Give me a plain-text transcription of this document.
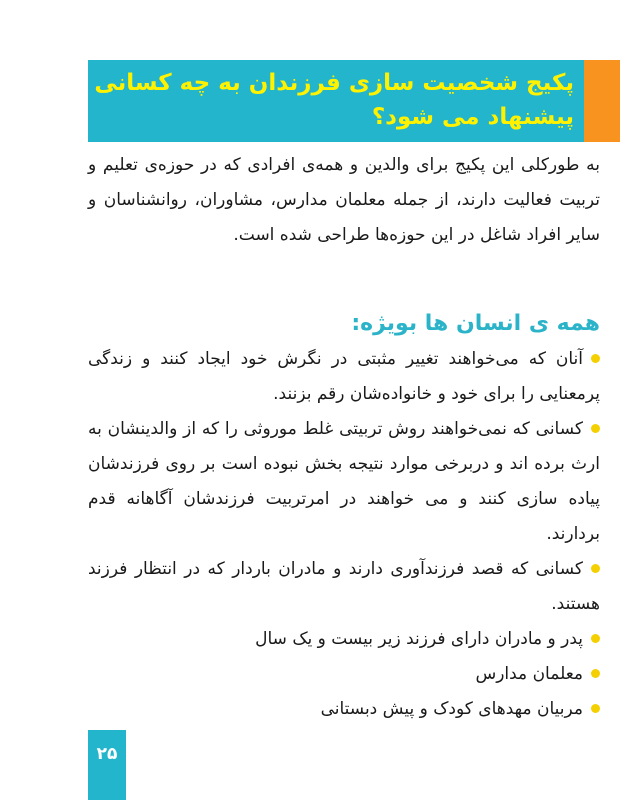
پکیج شخصیت سازی فرزندان به چه کسانی پیشنهاد می شود؟

به طورکلی این پکیج برای والدین و همه‌ی افرادی که در حوزه‌ی تعلیم و تربیت فعالیت دارند، از جمله معلمان مدارس، مشاوران، روانشناسان و سایر افراد شاغل در این حوزه‌ها طراحی شده است.

همه ی انسان ها بویژه:
آنان که می‌خواهند تغییر مثبتی در نگرش خود ایجاد کنند و زندگی پرمعنایی را برای خود و خانواده‌شان رقم بزنند.
کسانی که نمی‌خواهند روش تربیتی غلط موروثی را که از والدینشان به ارث برده اند و دربرخی موارد نتیجه بخش نبوده است بر روی فرزندشان پیاده سازی کنند و می خواهند در امرتربیت فرزندشان آگاهانه قدم بردارند.
کسانی که قصد فرزندآوری دارند و مادران باردار که در انتظار فرزند هستند.
پدر و مادران دارای فرزند زیر بیست و یک سال
معلمان مدارس
مربیان مهدهای کودک و پیش دبستانی
۲۵
